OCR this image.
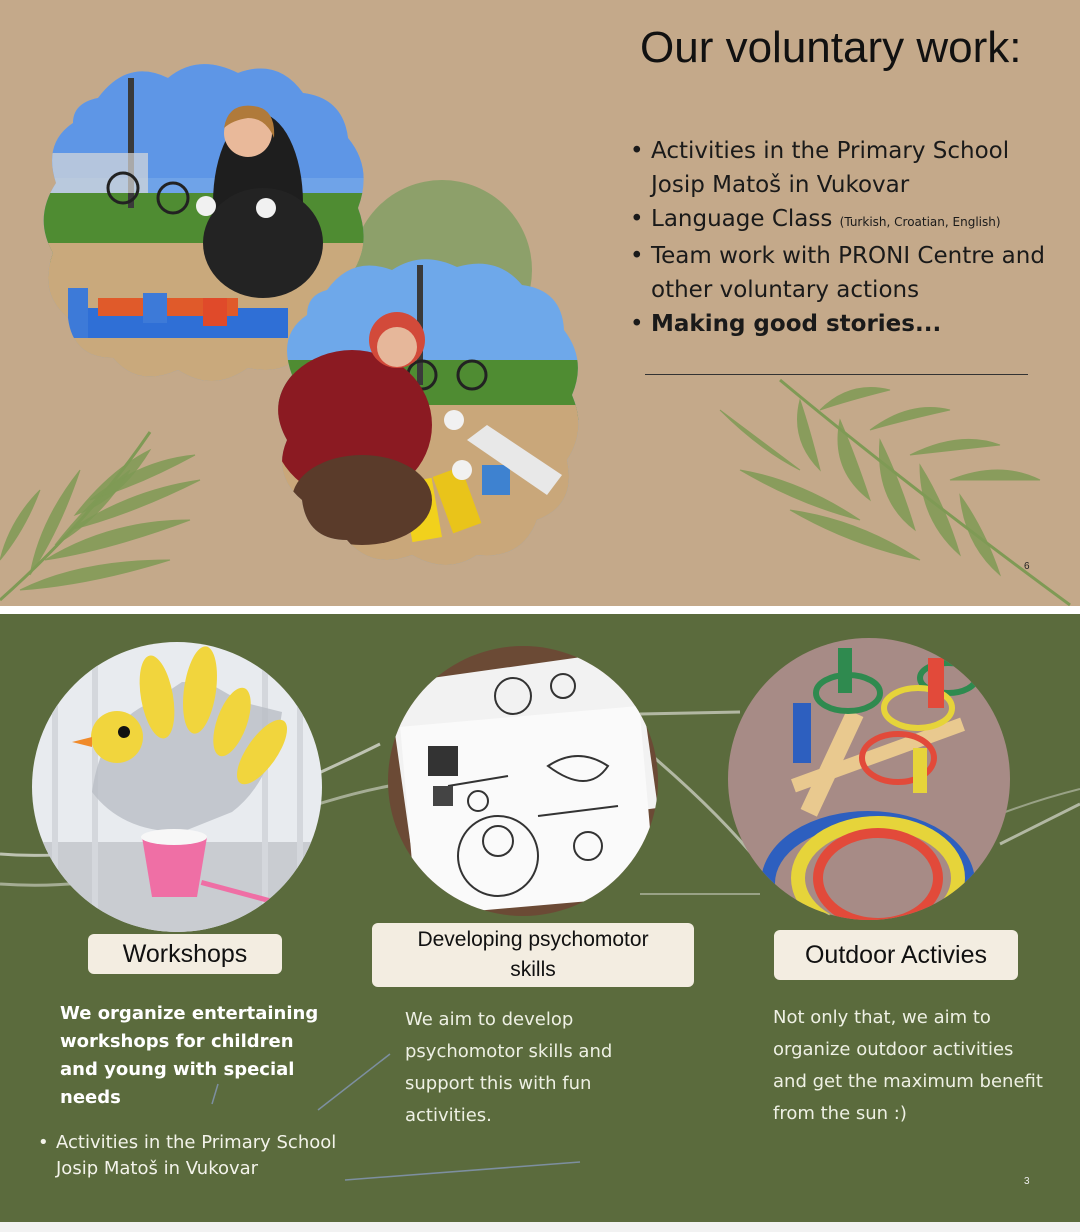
Our voluntary work:
• Activities in the Primary School Josip Matoš in Vukovar
• Language Class (Turkish, Croatian, English)
• Team work with PRONI Centre and other voluntary actions
• Making good stories...
6
Workshops	Developing psychomotor skills
Outdoor Activies

We organize entertaining workshops for children and young with special needs

We aim to develop psychomotor skills and support this with fun activities.

Not only that, we aim to organize outdoor activities and get the maximum benefit from the sun :)

3

• Activities in the Primary School Josip Matoš in Vukovar
